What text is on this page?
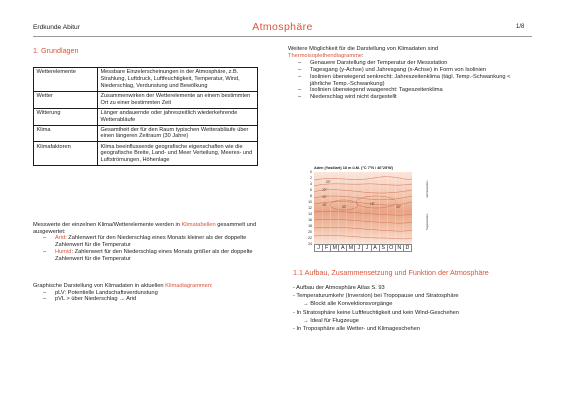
Erdkunde Abitur	Atmosphäre	1/8
1. Grundlagen
Wetterelemente	Messbare Einzelerscheinungen in der Atmosphäre, z.B. Strahlung, Luftdruck, Luftfeuchtigkeit, Temperatur, Wind, Niederschlag, Verdunstung und Bewölkung
Wetter	Zusammenwirken der Wetterelemente an einem bestimmten Ort zu einer bestimmten Zeit
Witterung	Länger andauernde oder jahreszeitlich wiederkehrende Wetterabläufe
Klima	Gesamtheit der für den Raum typischen Wetterabläufe über einen längeren Zeitraum (30 Jahre)
Klimafaktoren	Klima beeinflussende geografische eigenschaften wie die geografische Breite, Land- und Meer Verteilung, Meeres- und Luftströmungen, Höhenlage
Messwerte der einzelnen Klima/Wetterelemente werden in Klimatabellen gesammelt und ausgewertet:
– Arid: Zahlenwert für den Niederschlag eines Monats kleiner als der doppelte Zahlenwert für die Temperatur
– Humid: Zahlenwert für den Niederschlag eines Monats größer als der doppelte Zahlenwert für die Temperatur
Graphische Darstellung von Klimadaten in aktuellen Klimadiagrammen:
– pLV: Potentielle Landschaftsverdunstung
– pVL > über Niederschlag → Arid
Weitere Möglichkeit für die Darstellung von Klimadaten sind
Thermoisoplethendiagramme:
– Genauere Darstellung der Temperatur der Messstation
– Tagesgang (y-Achse) und Jahresgang (x-Achse) in Form von Isolinien
– Isolinien überwiegend senkrecht: Jahreszeitenklima (tägl. Temp.-Schwankung < jährliche Temp.-Schwankung)
– Isolinien überwiegend waagerecht: Tageszeitenklima
– Niederschlag wird nicht dargestellt
Aden (Yasiliart) 18 m ü.M. (°C 7°N / 46°25'W)
0
2
4
6
8
10
12
14
16
18
20
22
24
20°
22°
24°
26°	28°
30°
32°
Jahreszeiten-
Tageszeiten-
J F M A M J J A S O N D
1.1 Aufbau, Zusammensetzung und Funktion der Atmosphäre
- Aufbau der Atmosphäre Atlas S. 93
- Temperaturumkehr (Inversion) bei Tropopause und Stratosphäre
→ Blockt alle Konvektionsvorgänge
- In Stratosphäre keine Luftfeuchtigkeit und kein Wind-Geschehen
→ Ideal für Flugzeuge
- In Troposphäre alle Wetter- und Klimageschehen
